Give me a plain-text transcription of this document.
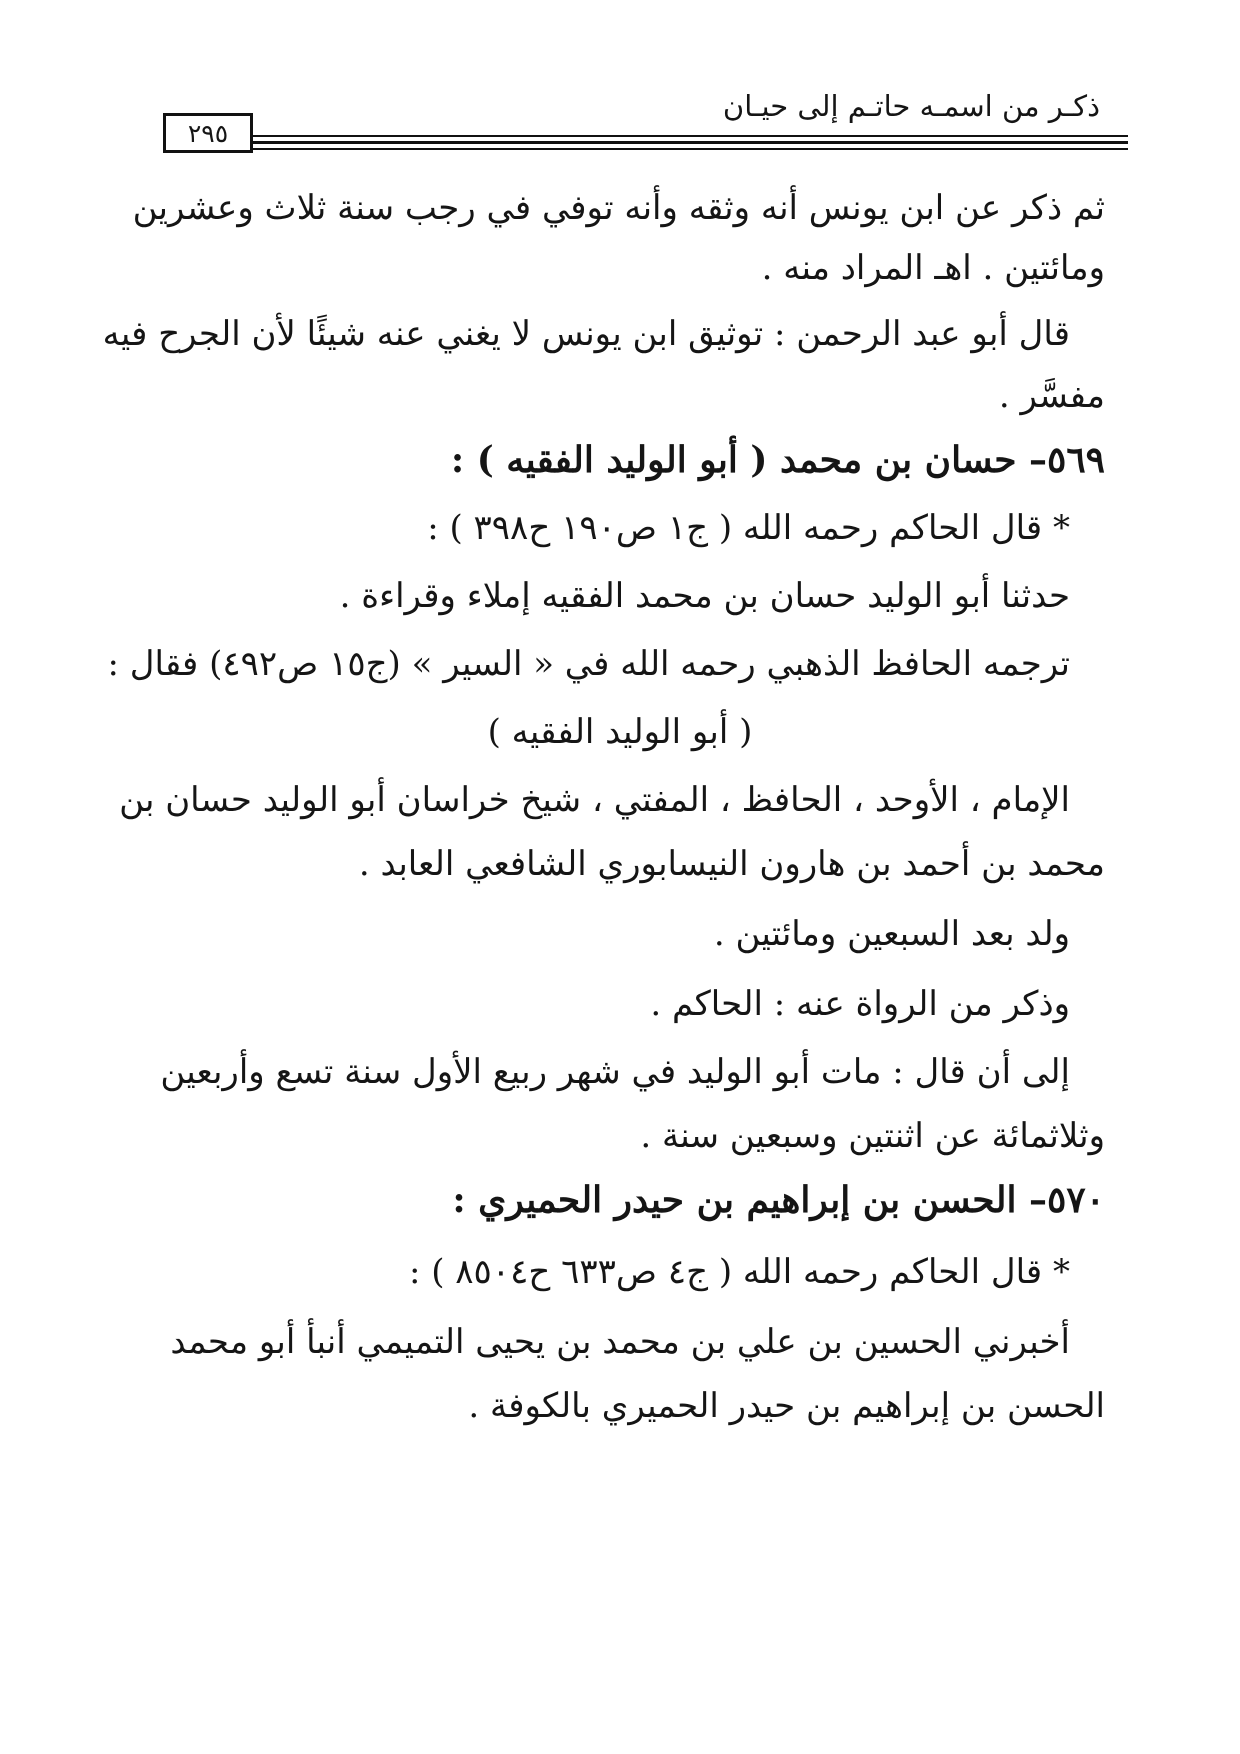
ذكـر من اسمـه حاتـم إلى حيـان
٢٩٥
ثم ذكر عن ابن يونس أنه وثقه وأنه توفي في رجب سنة ثلاث وعشرين
ومائتين . اهـ المراد منه .
قال أبو عبد الرحمن : توثيق ابن يونس لا يغني عنه شيئًا لأن الجرح فيه
مفسَّر .
٥٦٩– حسان بن محمد ( أبو الوليد الفقيه ) :
* قال الحاكم رحمه الله ( ج١ ص١٩٠ ح٣٩٨ ) :
حدثنا أبو الوليد حسان بن محمد الفقيه إملاء وقراءة .
ترجمه الحافظ الذهبي رحمه الله في « السير » (ج١٥ ص٤٩٢) فقال :
( أبو الوليد الفقيه )
الإمام ، الأوحد ، الحافظ ، المفتي ، شيخ خراسان أبو الوليد حسان بن
محمد بن أحمد بن هارون النيسابوري الشافعي العابد .
ولد بعد السبعين ومائتين .
وذكر من الرواة عنه : الحاكم .
إلى أن قال : مات أبو الوليد في شهر ربيع الأول سنة تسع وأربعين
وثلاثمائة عن اثنتين وسبعين سنة .
٥٧٠– الحسن بن إبراهيم بن حيدر الحميري :
* قال الحاكم رحمه الله ( ج٤ ص٦٣٣ ح٨٥٠٤ ) :
أخبرني الحسين بن علي بن محمد بن يحيى التميمي أنبأ أبو محمد
الحسن بن إبراهيم بن حيدر الحميري بالكوفة .
